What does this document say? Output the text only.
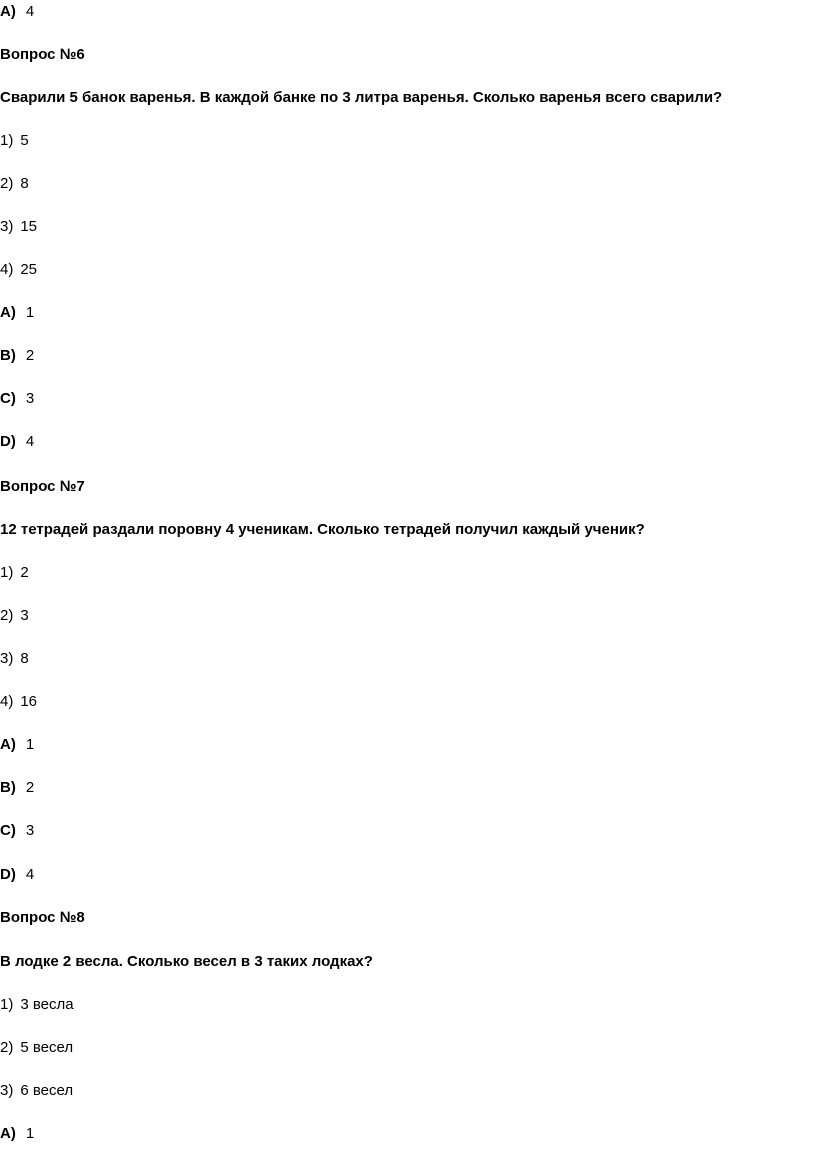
A) 4
Вопрос №6
Сварили 5 банок варенья. В каждой банке по 3 литра варенья. Сколько варенья всего сварили?
1) 5
2) 8
3) 15
4) 25
A) 1
B) 2
C) 3
D) 4
Вопрос №7
12 тетрадей раздали поровну 4 ученикам. Сколько тетрадей получил каждый ученик?
1) 2
2) 3
3) 8
4) 16
A) 1
B) 2
C) 3
D) 4
Вопрос №8
В лодке 2 весла. Сколько весел в 3 таких лодках?
1) 3 весла
2) 5 весел
3) 6 весел
A) 1
